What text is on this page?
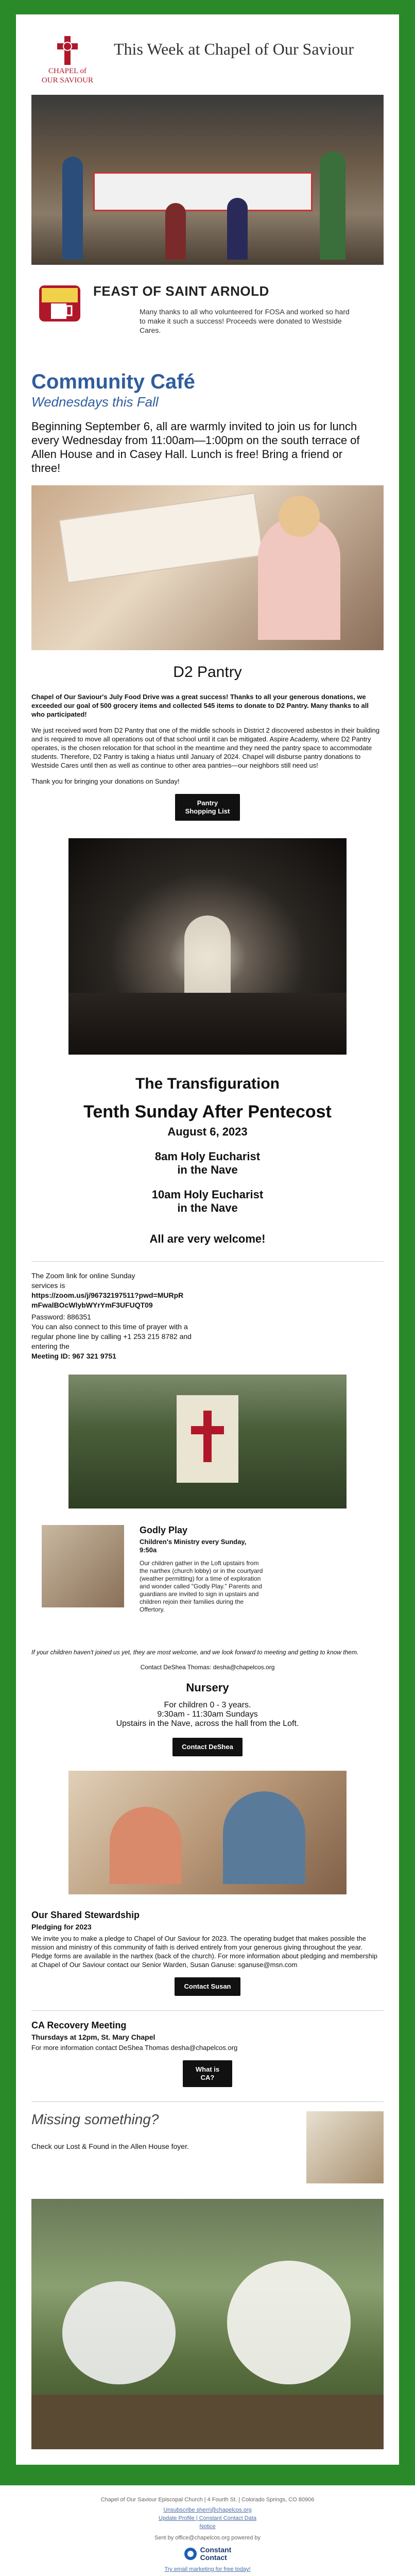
CHAPEL of
OUR SAVIOUR
This Week at Chapel of Our Saviour
FEAST OF SAINT ARNOLD
Many thanks to all who volunteered for FOSA and worked so hard to make it such a success! Proceeds were donated to Westside Cares.
Community Café
Wednesdays this Fall
Beginning September 6, all are warmly invited to join us for lunch every Wednesday from 11:00am—1:00pm on the south terrace of Allen House and in Casey Hall. Lunch is free! Bring a friend or three!
D2 Pantry
Chapel of Our Saviour's July Food Drive was a great success! Thanks to all your generous donations, we exceeded our goal of 500 grocery items and collected 545 items to donate to D2 Pantry. Many thanks to all who participated!
We just received word from D2 Pantry that one of the middle schools in District 2 discovered asbestos in their building and is required to move all operations out of that school until it can be mitigated. Aspire Academy, where D2 Pantry operates, is the chosen relocation for that school in the meantime and they need the pantry space to accommodate students. Therefore, D2 Pantry is taking a hiatus until January of 2024. Chapel will disburse pantry donations to Westside Cares until then as well as continue to other area pantries—our neighbors still need us!
Thank you for bringing your donations on Sunday!
Pantry Shopping List
The Transfiguration
Tenth Sunday After Pentecost
August 6, 2023
8am Holy Eucharist
in the Nave
10am Holy Eucharist
in the Nave
All are very welcome!
The Zoom link for online Sunday services is
https://zoom.us/j/96732197511?pwd=MURpRmFwalBOcWlybWYrYmF3UFUQT09
Password: 886351
You can also connect to this time of prayer with a regular phone line by calling +1 253 215 8782 and entering the
Meeting ID: 967 321 9751
Godly Play
Children's Ministry every Sunday, 9:50a
Our children gather in the Loft upstairs from the narthex (church lobby) or in the courtyard (weather permitting) for a time of exploration and wonder called "Godly Play." Parents and guardians are invited to sign in upstairs and children rejoin their families during the Offertory.
If your children haven't joined us yet, they are most welcome, and we look forward to meeting and getting to know them.
Contact DeShea Thomas: desha@chapelcos.org
Nursery
For children 0 - 3 years.
9:30am - 11:30am Sundays
Upstairs in the Nave, across the hall from the Loft.
Contact DeShea
Our Shared Stewardship
Pledging for 2023
We invite you to make a pledge to Chapel of Our Saviour for 2023. The operating budget that makes possible the mission and ministry of this community of faith is derived entirely from your generous giving throughout the year. Pledge forms are available in the narthex (back of the church). For more information about pledging and membership at Chapel of Our Saviour contact our Senior Warden, Susan Ganuse: sganuse@msn.com
Contact Susan
CA Recovery Meeting
Thursdays at 12pm, St. Mary Chapel
For more information contact DeShea Thomas desha@chapelcos.org
What is CA?
Missing something?
Check our Lost & Found in the Allen House foyer.
Chapel of Our Saviour Episcopal Church | 4 Fourth St. | Colorado Springs, CO 80906
Unsubscribe sherri@chapelcos.org
Update Profile | Constant Contact Data
Notice
Sent by office@chapelcos.org powered by
Constant
Contact
Try email marketing for free today!
